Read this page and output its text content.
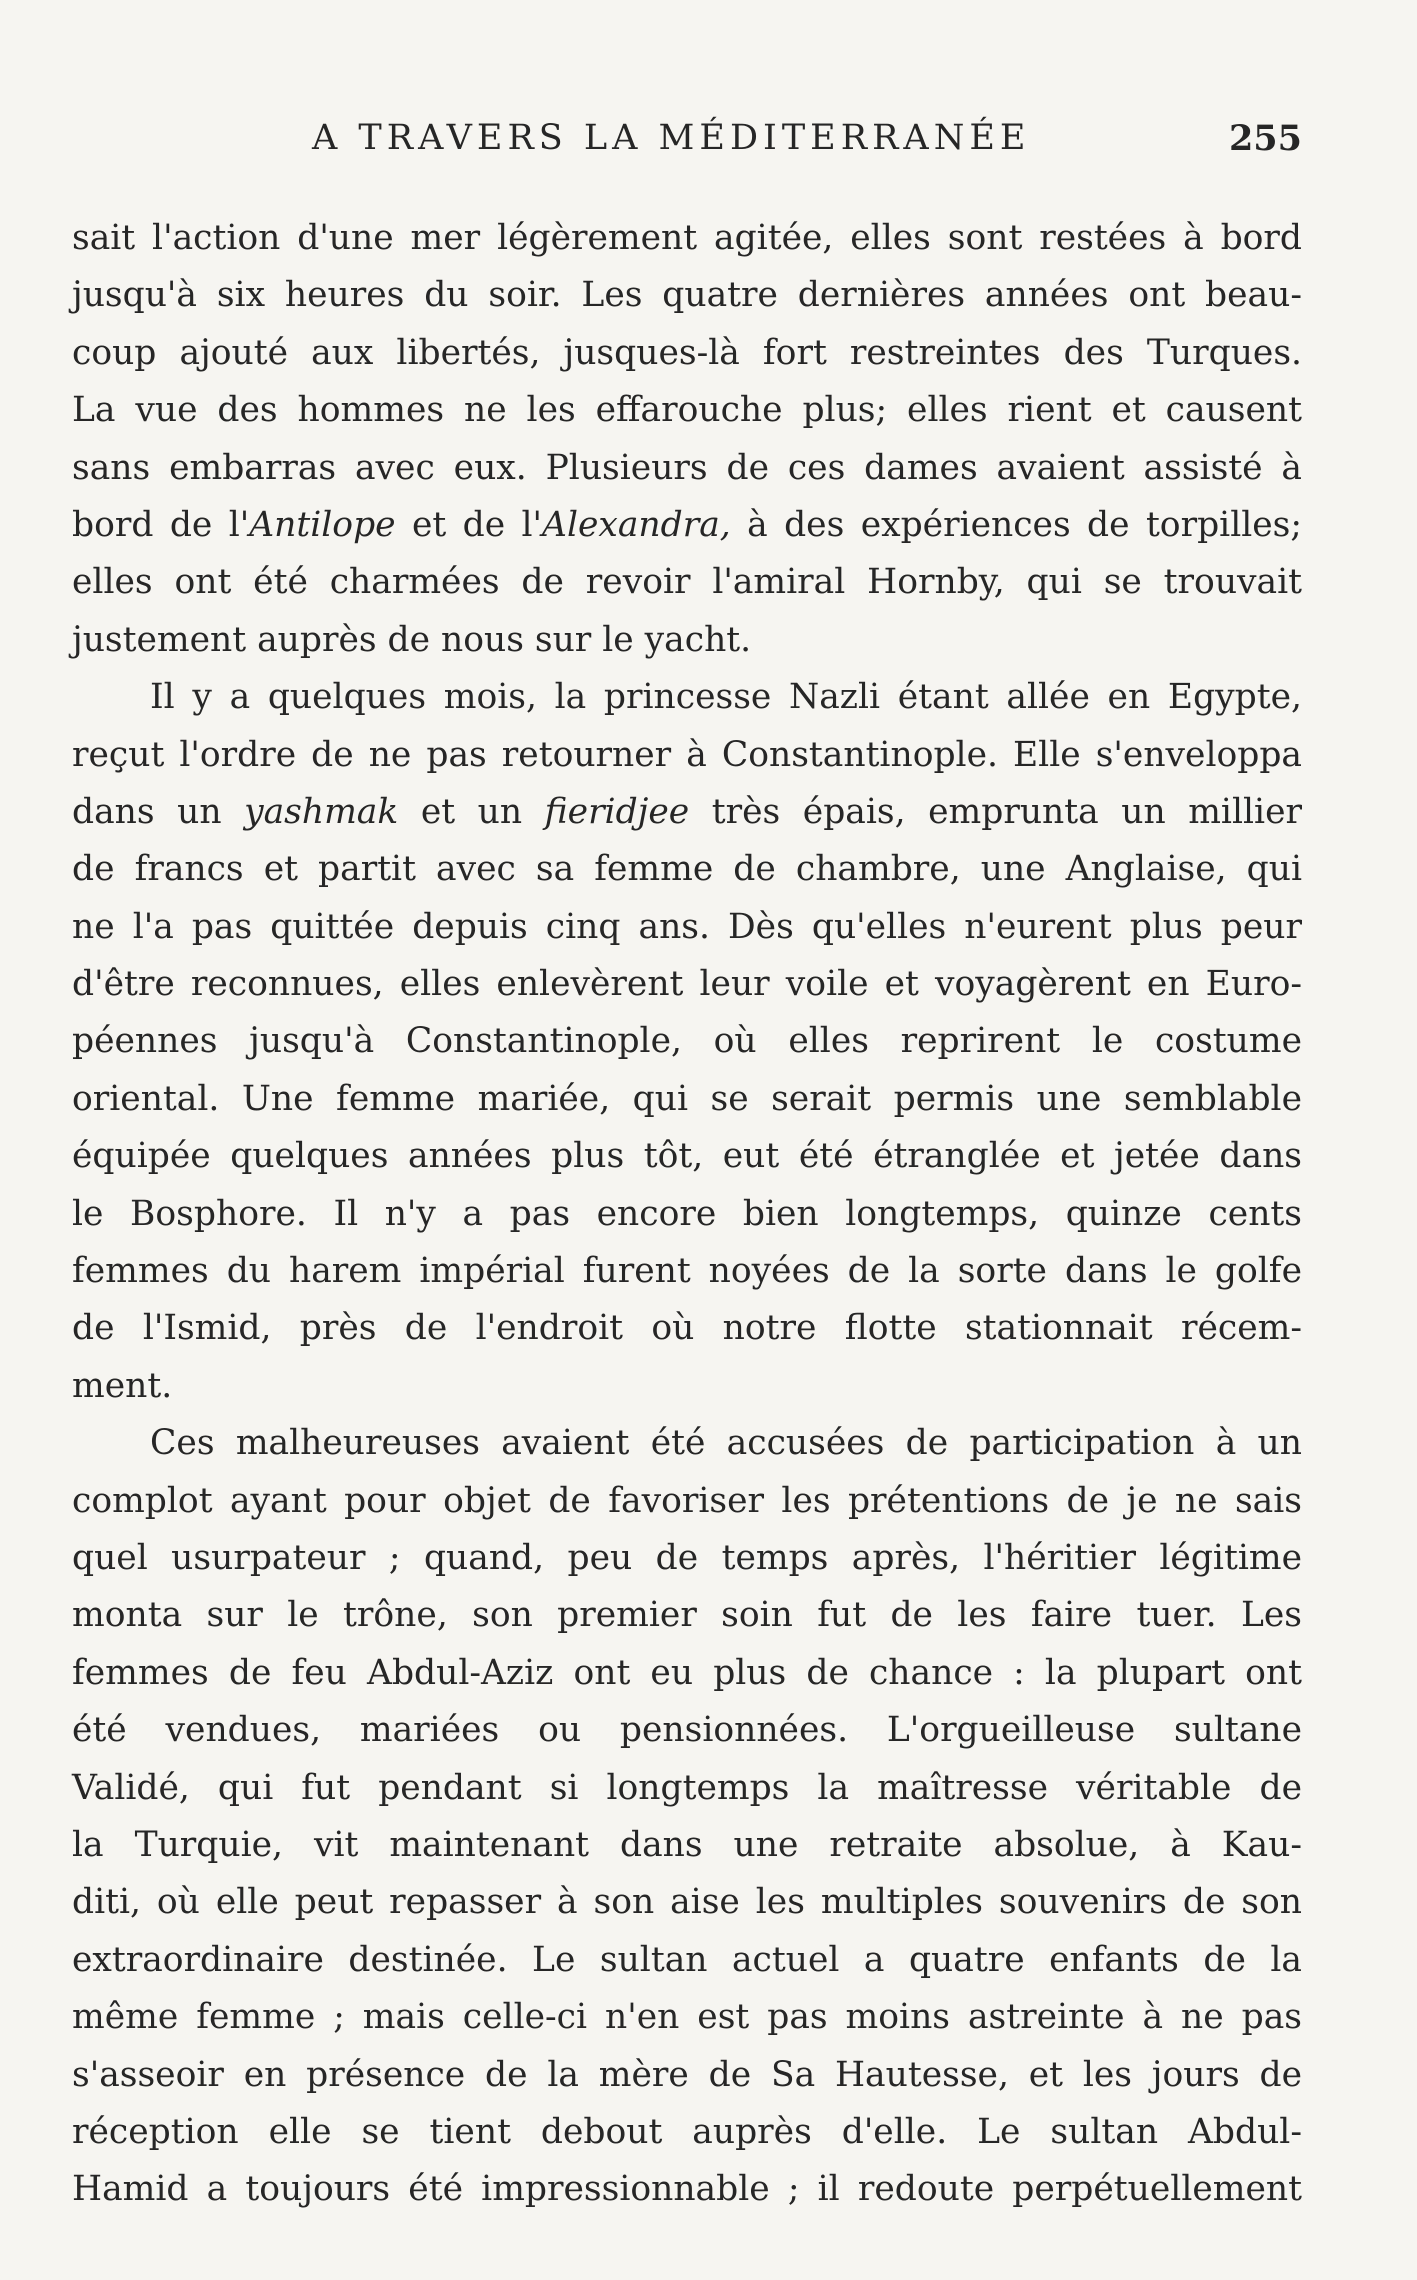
A TRAVERS LA MÉDITERRANÉE	255
sait l'action d'une mer légèrement agitée, elles sont restées à bord
jusqu'à six heures du soir. Les quatre dernières années ont beau-
coup ajouté aux libertés, jusques-là fort restreintes des Turques.
La vue des hommes ne les effarouche plus; elles rient et causent
sans embarras avec eux. Plusieurs de ces dames avaient assisté à
bord de l'Antilope et de l'Alexandra, à des expériences de torpilles;
elles ont été charmées de revoir l'amiral Hornby, qui se trouvait
justement auprès de nous sur le yacht.
Il y a quelques mois, la princesse Nazli étant allée en Egypte,
reçut l'ordre de ne pas retourner à Constantinople. Elle s'enveloppa
dans un yashmak et un fieridjee très épais, emprunta un millier
de francs et partit avec sa femme de chambre, une Anglaise, qui
ne l'a pas quittée depuis cinq ans. Dès qu'elles n'eurent plus peur
d'être reconnues, elles enlevèrent leur voile et voyagèrent en Euro-
péennes jusqu'à Constantinople, où elles reprirent le costume
oriental. Une femme mariée, qui se serait permis une semblable
équipée quelques années plus tôt, eut été étranglée et jetée dans
le Bosphore. Il n'y a pas encore bien longtemps, quinze cents
femmes du harem impérial furent noyées de la sorte dans le golfe
de l'Ismid, près de l'endroit où notre flotte stationnait récem-
ment.
Ces malheureuses avaient été accusées de participation à un
complot ayant pour objet de favoriser les prétentions de je ne sais
quel usurpateur ; quand, peu de temps après, l'héritier légitime
monta sur le trône, son premier soin fut de les faire tuer. Les
femmes de feu Abdul-Aziz ont eu plus de chance : la plupart ont
été vendues, mariées ou pensionnées. L'orgueilleuse sultane
Validé, qui fut pendant si longtemps la maîtresse véritable de
la Turquie, vit maintenant dans une retraite absolue, à Kau-
diti, où elle peut repasser à son aise les multiples souvenirs de son
extraordinaire destinée. Le sultan actuel a quatre enfants de la
même femme ; mais celle-ci n'en est pas moins astreinte à ne pas
s'asseoir en présence de la mère de Sa Hautesse, et les jours de
réception elle se tient debout auprès d'elle. Le sultan Abdul-
Hamid a toujours été impressionnable ; il redoute perpétuellement
